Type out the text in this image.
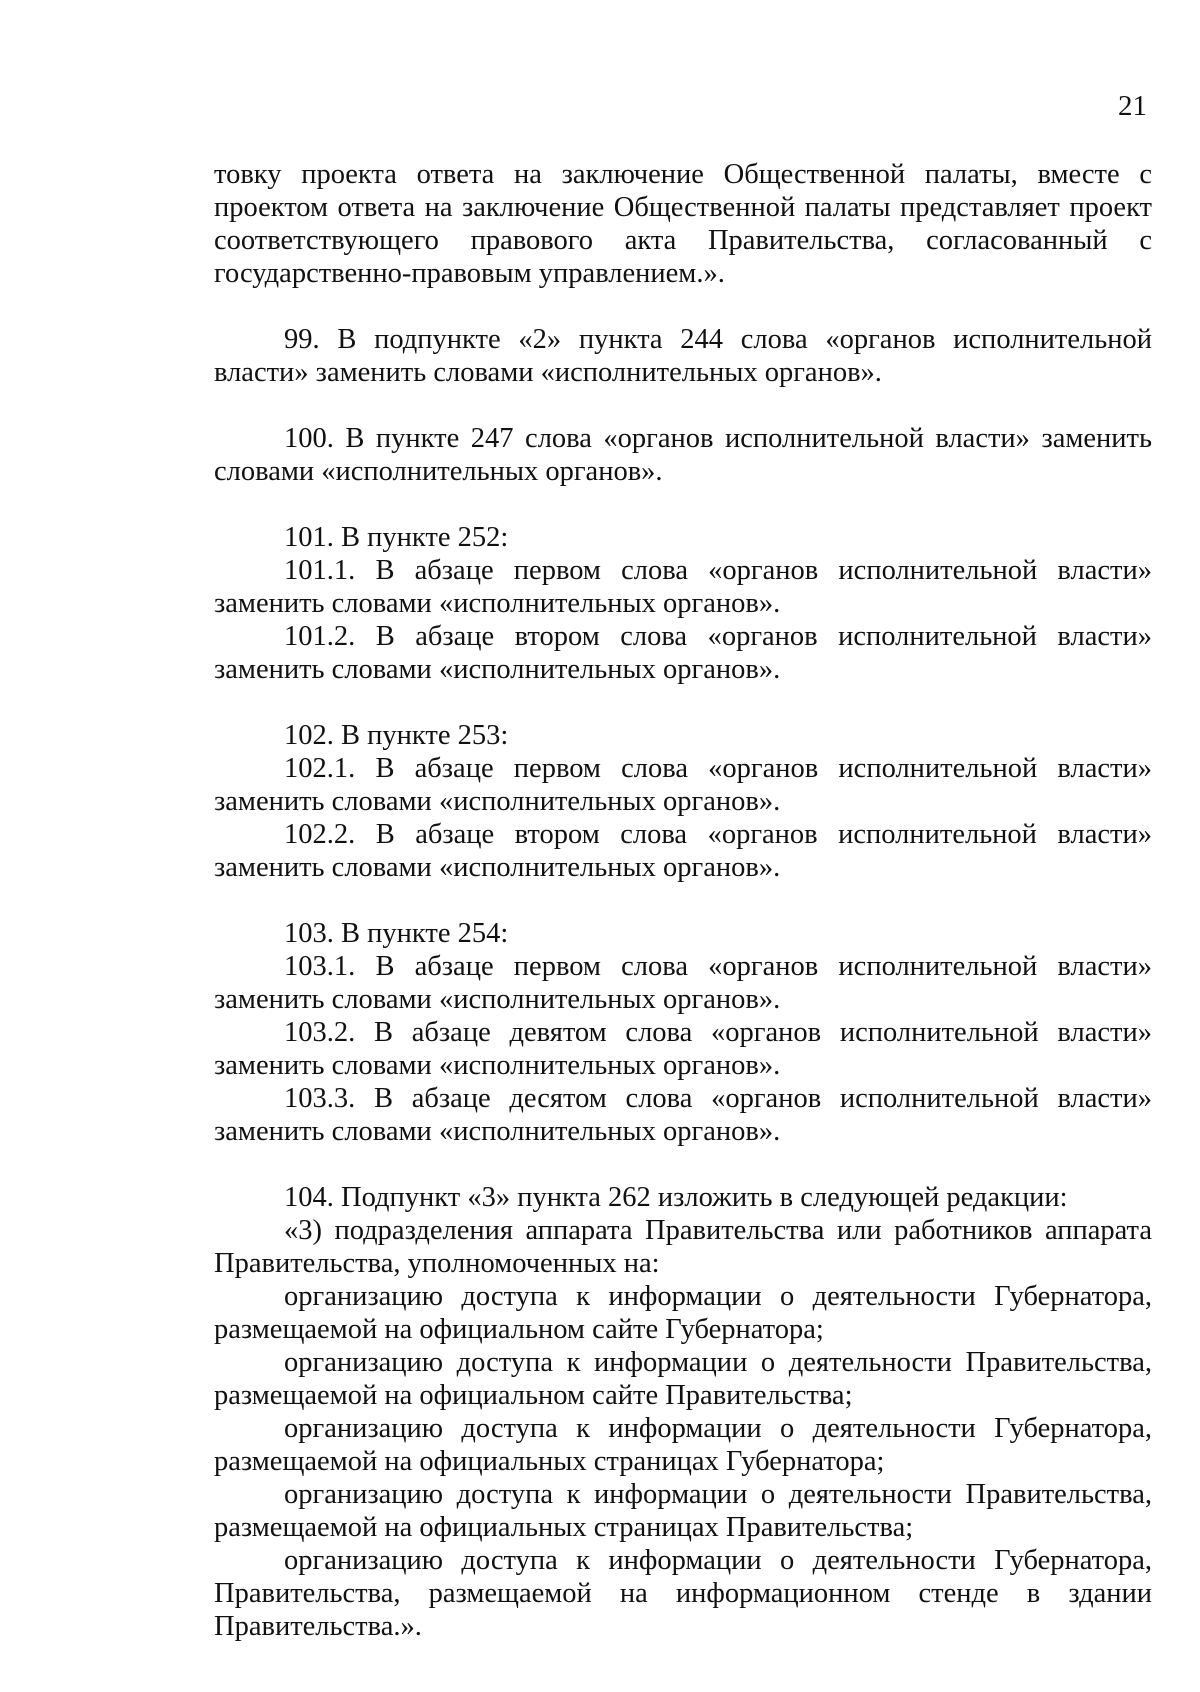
21

товку проекта ответа на заключение Общественной палаты, вместе с проектом ответа на заключение Общественной палаты представляет проект соответствующего правового акта Правительства, согласованный с государственно-правовым управлением.».

99. В подпункте «2» пункта 244 слова «органов исполнительной власти» заменить словами «исполнительных органов».

100. В пункте 247 слова «органов исполнительной власти» заменить словами «исполнительных органов».

101. В пункте 252:

101.1. В абзаце первом слова «органов исполнительной власти» заменить словами «исполнительных органов».

101.2. В абзаце втором слова «органов исполнительной власти» заменить словами «исполнительных органов».

102. В пункте 253:

102.1. В абзаце первом слова «органов исполнительной власти» заменить словами «исполнительных органов».

102.2. В абзаце втором слова «органов исполнительной власти» заменить словами «исполнительных органов».

103. В пункте 254:

103.1. В абзаце первом слова «органов исполнительной власти» заменить словами «исполнительных органов».

103.2. В абзаце девятом слова «органов исполнительной власти» заменить словами «исполнительных органов».

103.3. В абзаце десятом слова «органов исполнительной власти» заменить словами «исполнительных органов».

104. Подпункт «3» пункта 262 изложить в следующей редакции:

«3) подразделения аппарата Правительства или работников аппарата Правительства, уполномоченных на:

организацию доступа к информации о деятельности Губернатора, размещаемой на официальном сайте Губернатора;

организацию доступа к информации о деятельности Правительства, размещаемой на официальном сайте Правительства;

организацию доступа к информации о деятельности Губернатора, размещаемой на официальных страницах Губернатора;

организацию доступа к информации о деятельности Правительства, размещаемой на официальных страницах Правительства;

организацию доступа к информации о деятельности Губернатора, Правительства, размещаемой на информационном стенде в здании Правительства.».
